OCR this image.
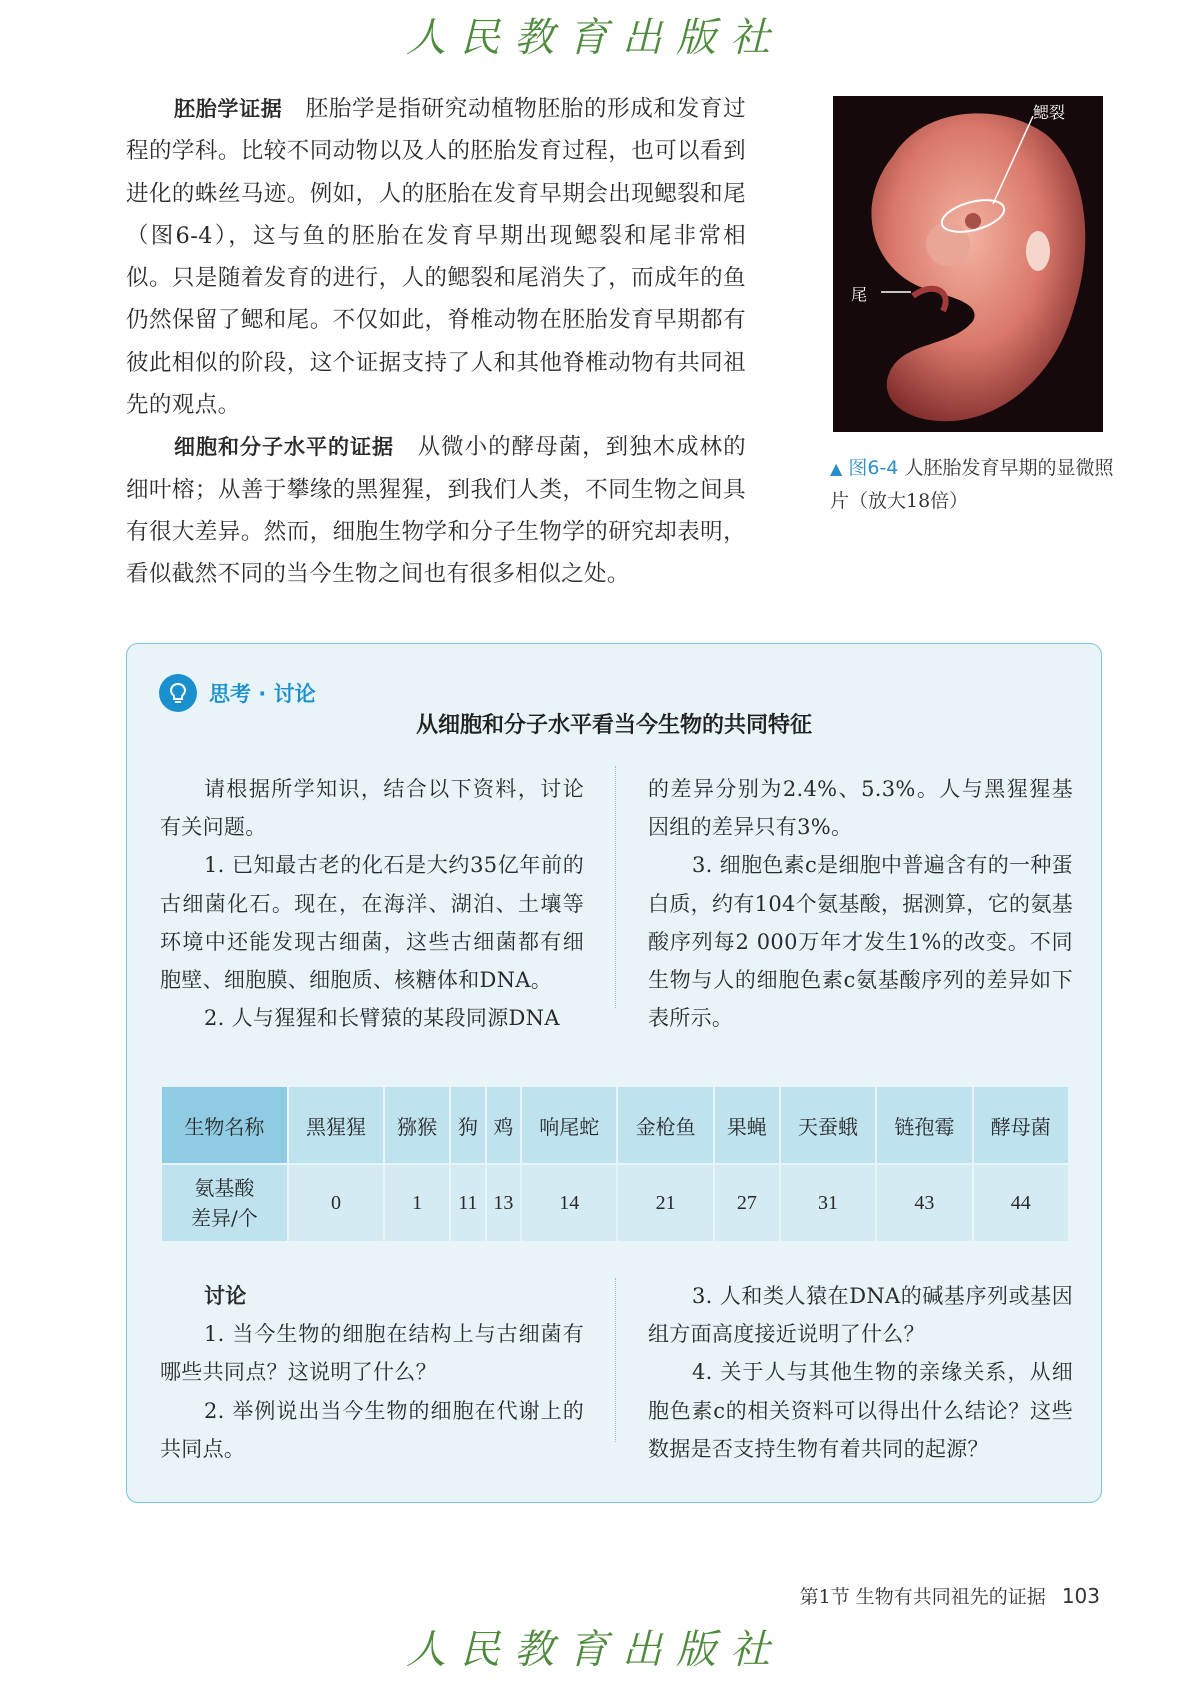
人民教育出版社

胚胎学证据　 胚胎学是指研究动植物胚胎的形成和发育过程的学科。比较不同动物以及人的胚胎发育过程，也可以看到进化的蛛丝马迹。例如，人的胚胎在发育早期会出现鳃裂和尾（图6-4），这与鱼的胚胎在发育早期出现鳃裂和尾非常相似。只是随着发育的进行，人的鳃裂和尾消失了，而成年的鱼仍然保留了鳃和尾。不仅如此，脊椎动物在胚胎发育早期都有彼此相似的阶段，这个证据支持了人和其他脊椎动物有共同祖先的观点。

细胞和分子水平的证据　 从微小的酵母菌，到独木成林的细叶榕；从善于攀缘的黑猩猩，到我们人类，不同生物之间具有很大差异。然而，细胞生物学和分子生物学的研究却表明，看似截然不同的当今生物之间也有很多相似之处。

鳃裂
尾
▲ 图6-4 人胚胎发育早期的显微照片（放大18倍）
思考 · 讨论
从细胞和分子水平看当今生物的共同特征

请根据所学知识，结合以下资料，讨论有关问题。

1. 已知最古老的化石是大约35亿年前的古细菌化石。现在，在海洋、湖泊、土壤等环境中还能发现古细菌，这些古细菌都有细胞壁、细胞膜、细胞质、核糖体和DNA。

2. 人与猩猩和长臂猿的某段同源DNA

的差异分别为2.4%、5.3%。人与黑猩猩基因组的差异只有3%。

3. 细胞色素c是细胞中普遍含有的一种蛋白质，约有104个氨基酸，据测算，它的氨基酸序列每2 000万年才发生1%的改变。不同生物与人的细胞色素c氨基酸序列的差异如下表所示。

生物名称	黑猩猩	猕猴	狗	鸡	响尾蛇	金枪鱼	果蝇	天蚕蛾	链孢霉	酵母菌
氨基酸
差异/个	0	1	11	13	14	21	27	31	43	44

讨论

1. 当今生物的细胞在结构上与古细菌有哪些共同点？这说明了什么？

2. 举例说出当今生物的细胞在代谢上的共同点。

3. 人和类人猿在DNA的碱基序列或基因组方面高度接近说明了什么？

4. 关于人与其他生物的亲缘关系，从细胞色素c的相关资料可以得出什么结论？这些数据是否支持生物有着共同的起源？

第1节 生物有共同祖先的证据 103
人民教育出版社
